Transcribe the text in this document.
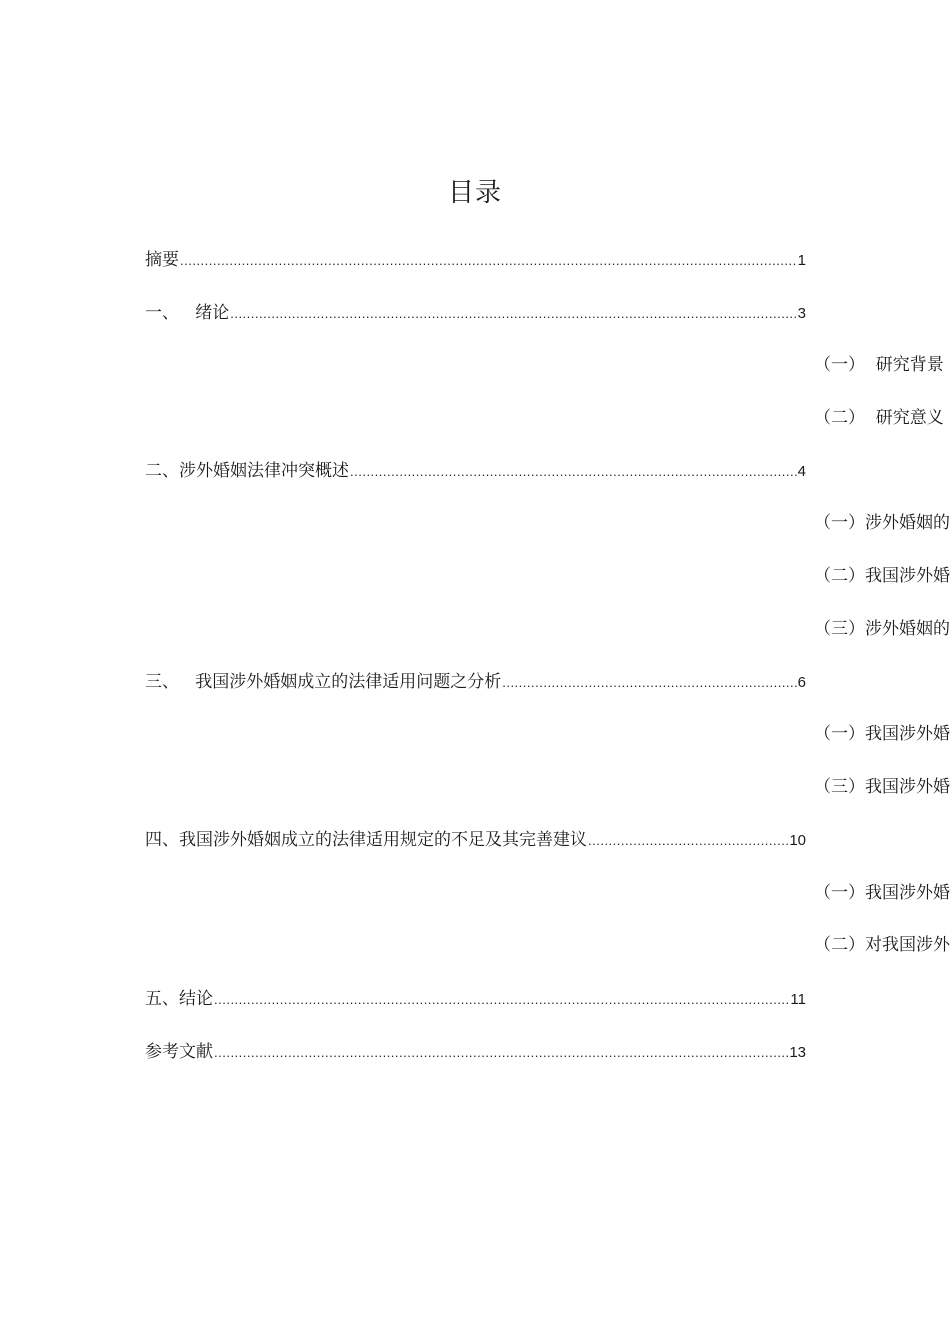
目录
摘要 .....	1
一、   绪论 .....	3
（一）  研究背景
（二）  研究意义
二、涉外婚姻法律冲突概述 .....	4
（一）涉外婚姻的
（二）我国涉外婚
（三）涉外婚姻的
三、   我国涉外婚姻成立的法律适用问题之分析 .....	6
（一）我国涉外婚
（三）我国涉外婚
四、我国涉外婚姻成立的法律适用规定的不足及其完善建议 .....	10
（一）我国涉外婚
（二）对我国涉外
五、结论 .....	11
参考文献 .....	13
